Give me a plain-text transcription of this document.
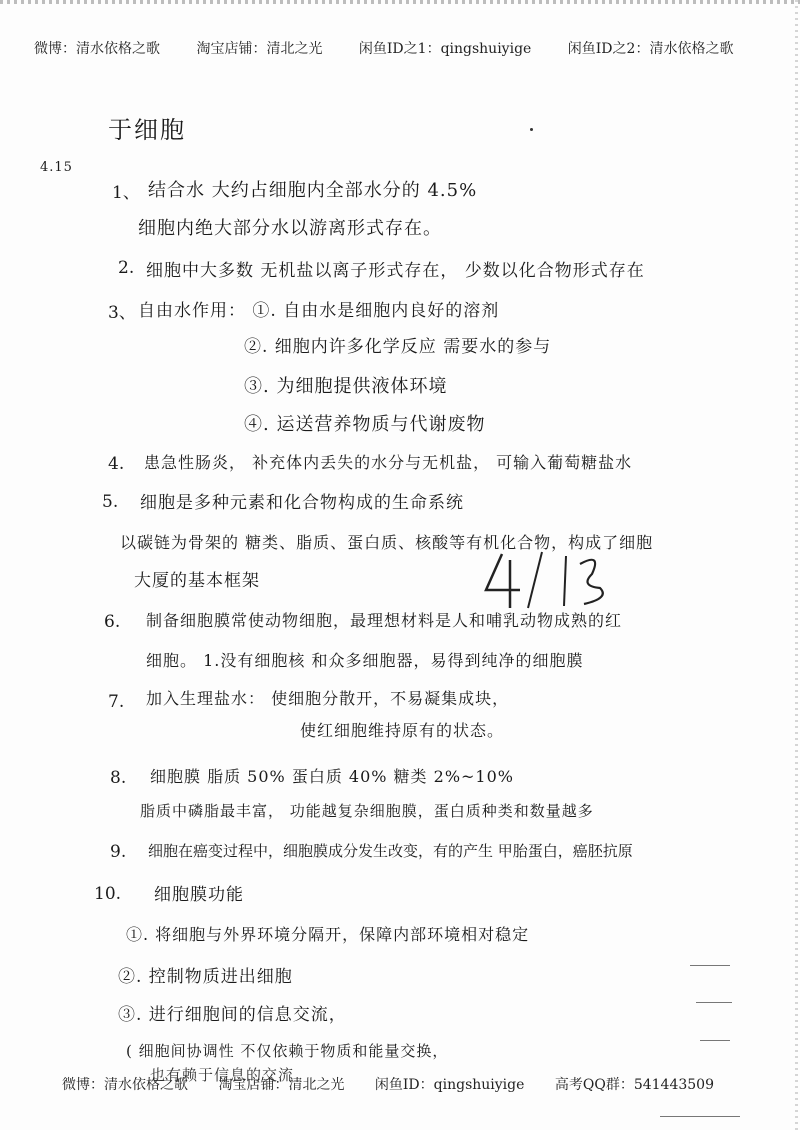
微博：清水依格之歌	淘宝店铺：清北之光	闲鱼ID之1：qingshuiyige	闲鱼ID之2：清水依格之歌
于细胞
4.15
1、 结合水 大约占细胞内全部水分的 4.5%
细胞内绝大部分水以游离形式存在。
2. 细胞中大多数 无机盐以离子形式存在， 少数以化合物形式存在
3、 自由水作用： ①. 自由水是细胞内良好的溶剂
②. 细胞内许多化学反应 需要水的参与
③. 为细胞提供液体环境
④. 运送营养物质与代谢废物
4. 患急性肠炎， 补充体内丢失的水分与无机盐， 可输入葡萄糖盐水
5. 细胞是多种元素和化合物构成的生命系统
以碳链为骨架的 糖类、脂质、蛋白质、核酸等有机化合物，构成了细胞
大厦的基本框架
6. 制备细胞膜常使动物细胞，最理想材料是人和哺乳动物成熟的红
细胞。 1.没有细胞核 和众多细胞器，易得到纯净的细胞膜
7. 加入生理盐水： 使细胞分散开，不易凝集成块，
使红细胞维持原有的状态。
8. 细胞膜 脂质 50% 蛋白质 40% 糖类 2%~10%
脂质中磷脂最丰富， 功能越复杂细胞膜，蛋白质种类和数量越多
9. 细胞在癌变过程中，细胞膜成分发生改变，有的产生 甲胎蛋白，癌胚抗原
10. 细胞膜功能
①. 将细胞与外界环境分隔开，保障内部环境相对稳定
②. 控制物质进出细胞
③. 进行细胞间的信息交流，
( 细胞间协调性 不仅依赖于物质和能量交换，
也有赖于信息的交流
微博：清水依格之歌 淘宝店铺：清北之光 闲鱼ID：qingshuiyige 高考QQ群：541443509
